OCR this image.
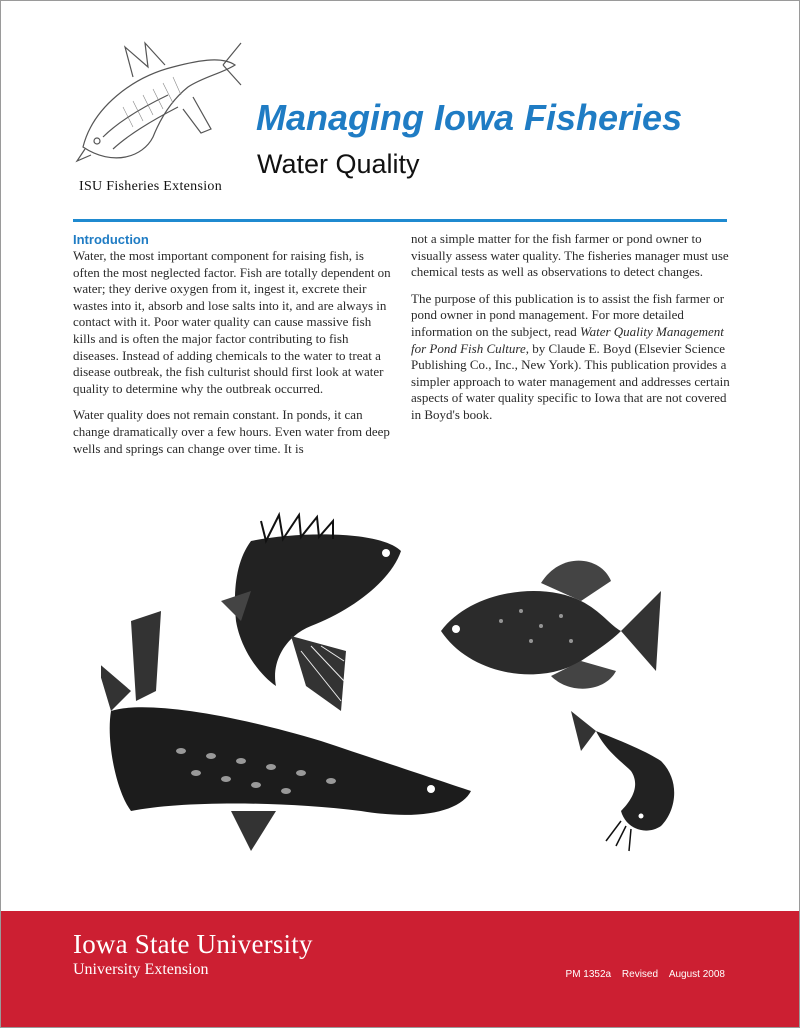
ISU Fisheries Extension
Managing Iowa Fisheries
Water Quality
Introduction

Water, the most important component for raising fish, is often the most neglected factor. Fish are totally dependent on water; they derive oxygen from it, ingest it, excrete their wastes into it, absorb and lose salts into it, and are always in contact with it. Poor water quality can cause massive fish kills and is often the major factor contributing to fish diseases. Instead of adding chemicals to the water to treat a disease outbreak, the fish culturist should first look at water quality to determine why the outbreak occurred.

Water quality does not remain constant. In ponds, it can change dramatically over a few hours. Even water from deep wells and springs can change over time. It is

not a simple matter for the fish farmer or pond owner to visually assess water quality. The fisheries manager must use chemical tests as well as observations to detect changes.

The purpose of this publication is to assist the fish farmer or pond owner in pond management. For more detailed information on the subject, read Water Quality Management for Pond Fish Culture, by Claude E. Boyd (Elsevier Science Publishing Co., Inc., New York). This publication provides a simpler approach to water management and addresses certain aspects of water quality specific to Iowa that are not covered in Boyd's book.

Iowa State University
University Extension	PM 1352a Revised August 2008
